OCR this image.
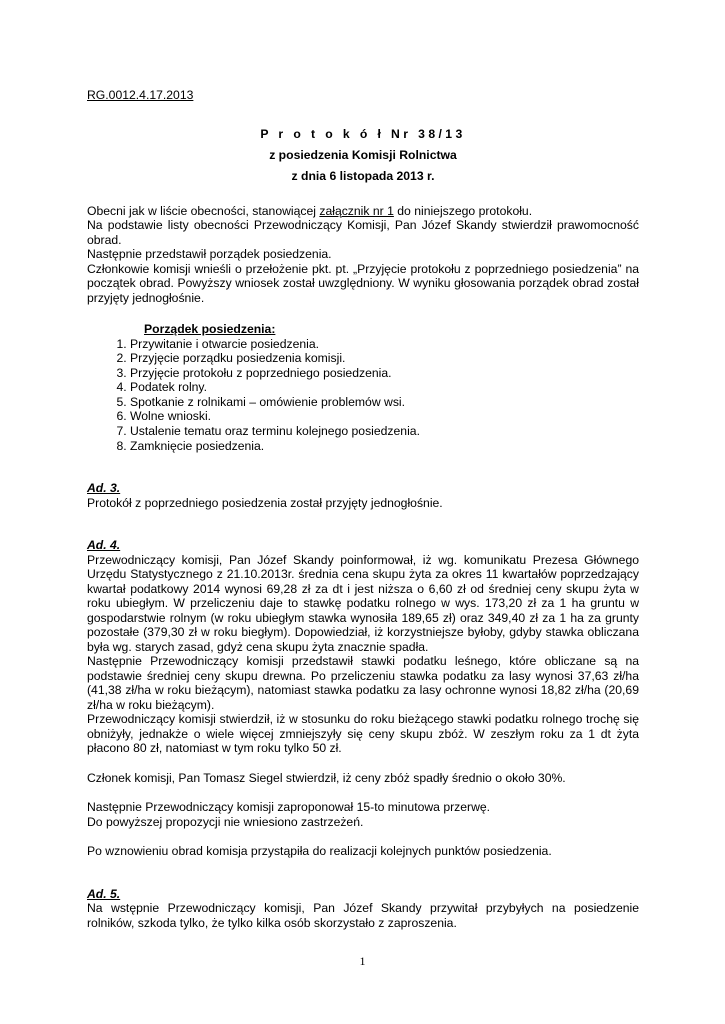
RG.0012.4.17.2013

P r o t o k ó ł Nr 38/13

z posiedzenia Komisji Rolnictwa

z dnia 6 listopada 2013 r.

Obecni jak w liście obecności, stanowiącej załącznik nr 1 do niniejszego protokołu.

Na podstawie listy obecności Przewodniczący Komisji, Pan Józef Skandy stwierdził prawomocność obrad.

Następnie przedstawił porządek posiedzenia.

Członkowie komisji wnieśli o przełożenie pkt. pt. „Przyjęcie protokołu z poprzedniego posiedzenia” na początek obrad. Powyższy wniosek został uwzględniony. W wyniku głosowania porządek obrad został przyjęty jednogłośnie.

Porządek posiedzenia:

1. Przywitanie i otwarcie posiedzenia.
2. Przyjęcie porządku posiedzenia komisji.
3. Przyjęcie protokołu z poprzedniego posiedzenia.
4. Podatek rolny.
5. Spotkanie z rolnikami – omówienie problemów wsi.
6. Wolne wnioski.
7. Ustalenie tematu oraz terminu kolejnego posiedzenia.
8. Zamknięcie posiedzenia.

Ad. 3.

Protokół z poprzedniego posiedzenia został przyjęty jednogłośnie.

Ad. 4.

Przewodniczący komisji, Pan Józef Skandy poinformował, iż wg. komunikatu Prezesa Głównego Urzędu Statystycznego z 21.10.2013r. średnia cena skupu żyta za okres 11 kwartałów poprzedzający kwartał podatkowy 2014 wynosi 69,28 zł za dt i jest niższa o 6,60 zł od średniej ceny skupu żyta w roku ubiegłym. W przeliczeniu daje to stawkę podatku rolnego w wys. 173,20 zł za 1 ha gruntu w gospodarstwie rolnym (w roku ubiegłym stawka wynosiła 189,65 zł) oraz 349,40 zł za 1 ha za grunty pozostałe (379,30 zł w roku biegłym). Dopowiedział, iż korzystniejsze byłoby, gdyby stawka obliczana była wg. starych zasad, gdyż cena skupu żyta znacznie spadła.

Następnie Przewodniczący komisji przedstawił stawki podatku leśnego, które obliczane są na podstawie średniej ceny skupu drewna. Po przeliczeniu stawka podatku za lasy wynosi 37,63 zł/ha (41,38 zł/ha w roku bieżącym), natomiast stawka podatku za lasy ochronne wynosi 18,82 zł/ha (20,69 zł/ha w roku bieżącym).

Przewodniczący komisji stwierdził, iż w stosunku do roku bieżącego stawki podatku rolnego trochę się obniżyły, jednakże o wiele więcej zmniejszyły się ceny skupu zbóż. W zeszłym roku za 1 dt żyta płacono 80 zł, natomiast w tym roku tylko 50 zł.

Członek komisji, Pan Tomasz Siegel stwierdził, iż ceny zbóż spadły średnio o około 30%.

Następnie Przewodniczący komisji zaproponował 15-to minutowa przerwę.

Do powyższej propozycji nie wniesiono zastrzeżeń.

Po wznowieniu obrad komisja przystąpiła do realizacji kolejnych punktów posiedzenia.

Ad. 5.

Na wstępnie Przewodniczący komisji, Pan Józef Skandy przywitał przybyłych na posiedzenie rolników, szkoda tylko, że tylko kilka osób skorzystało z zaproszenia.

1
